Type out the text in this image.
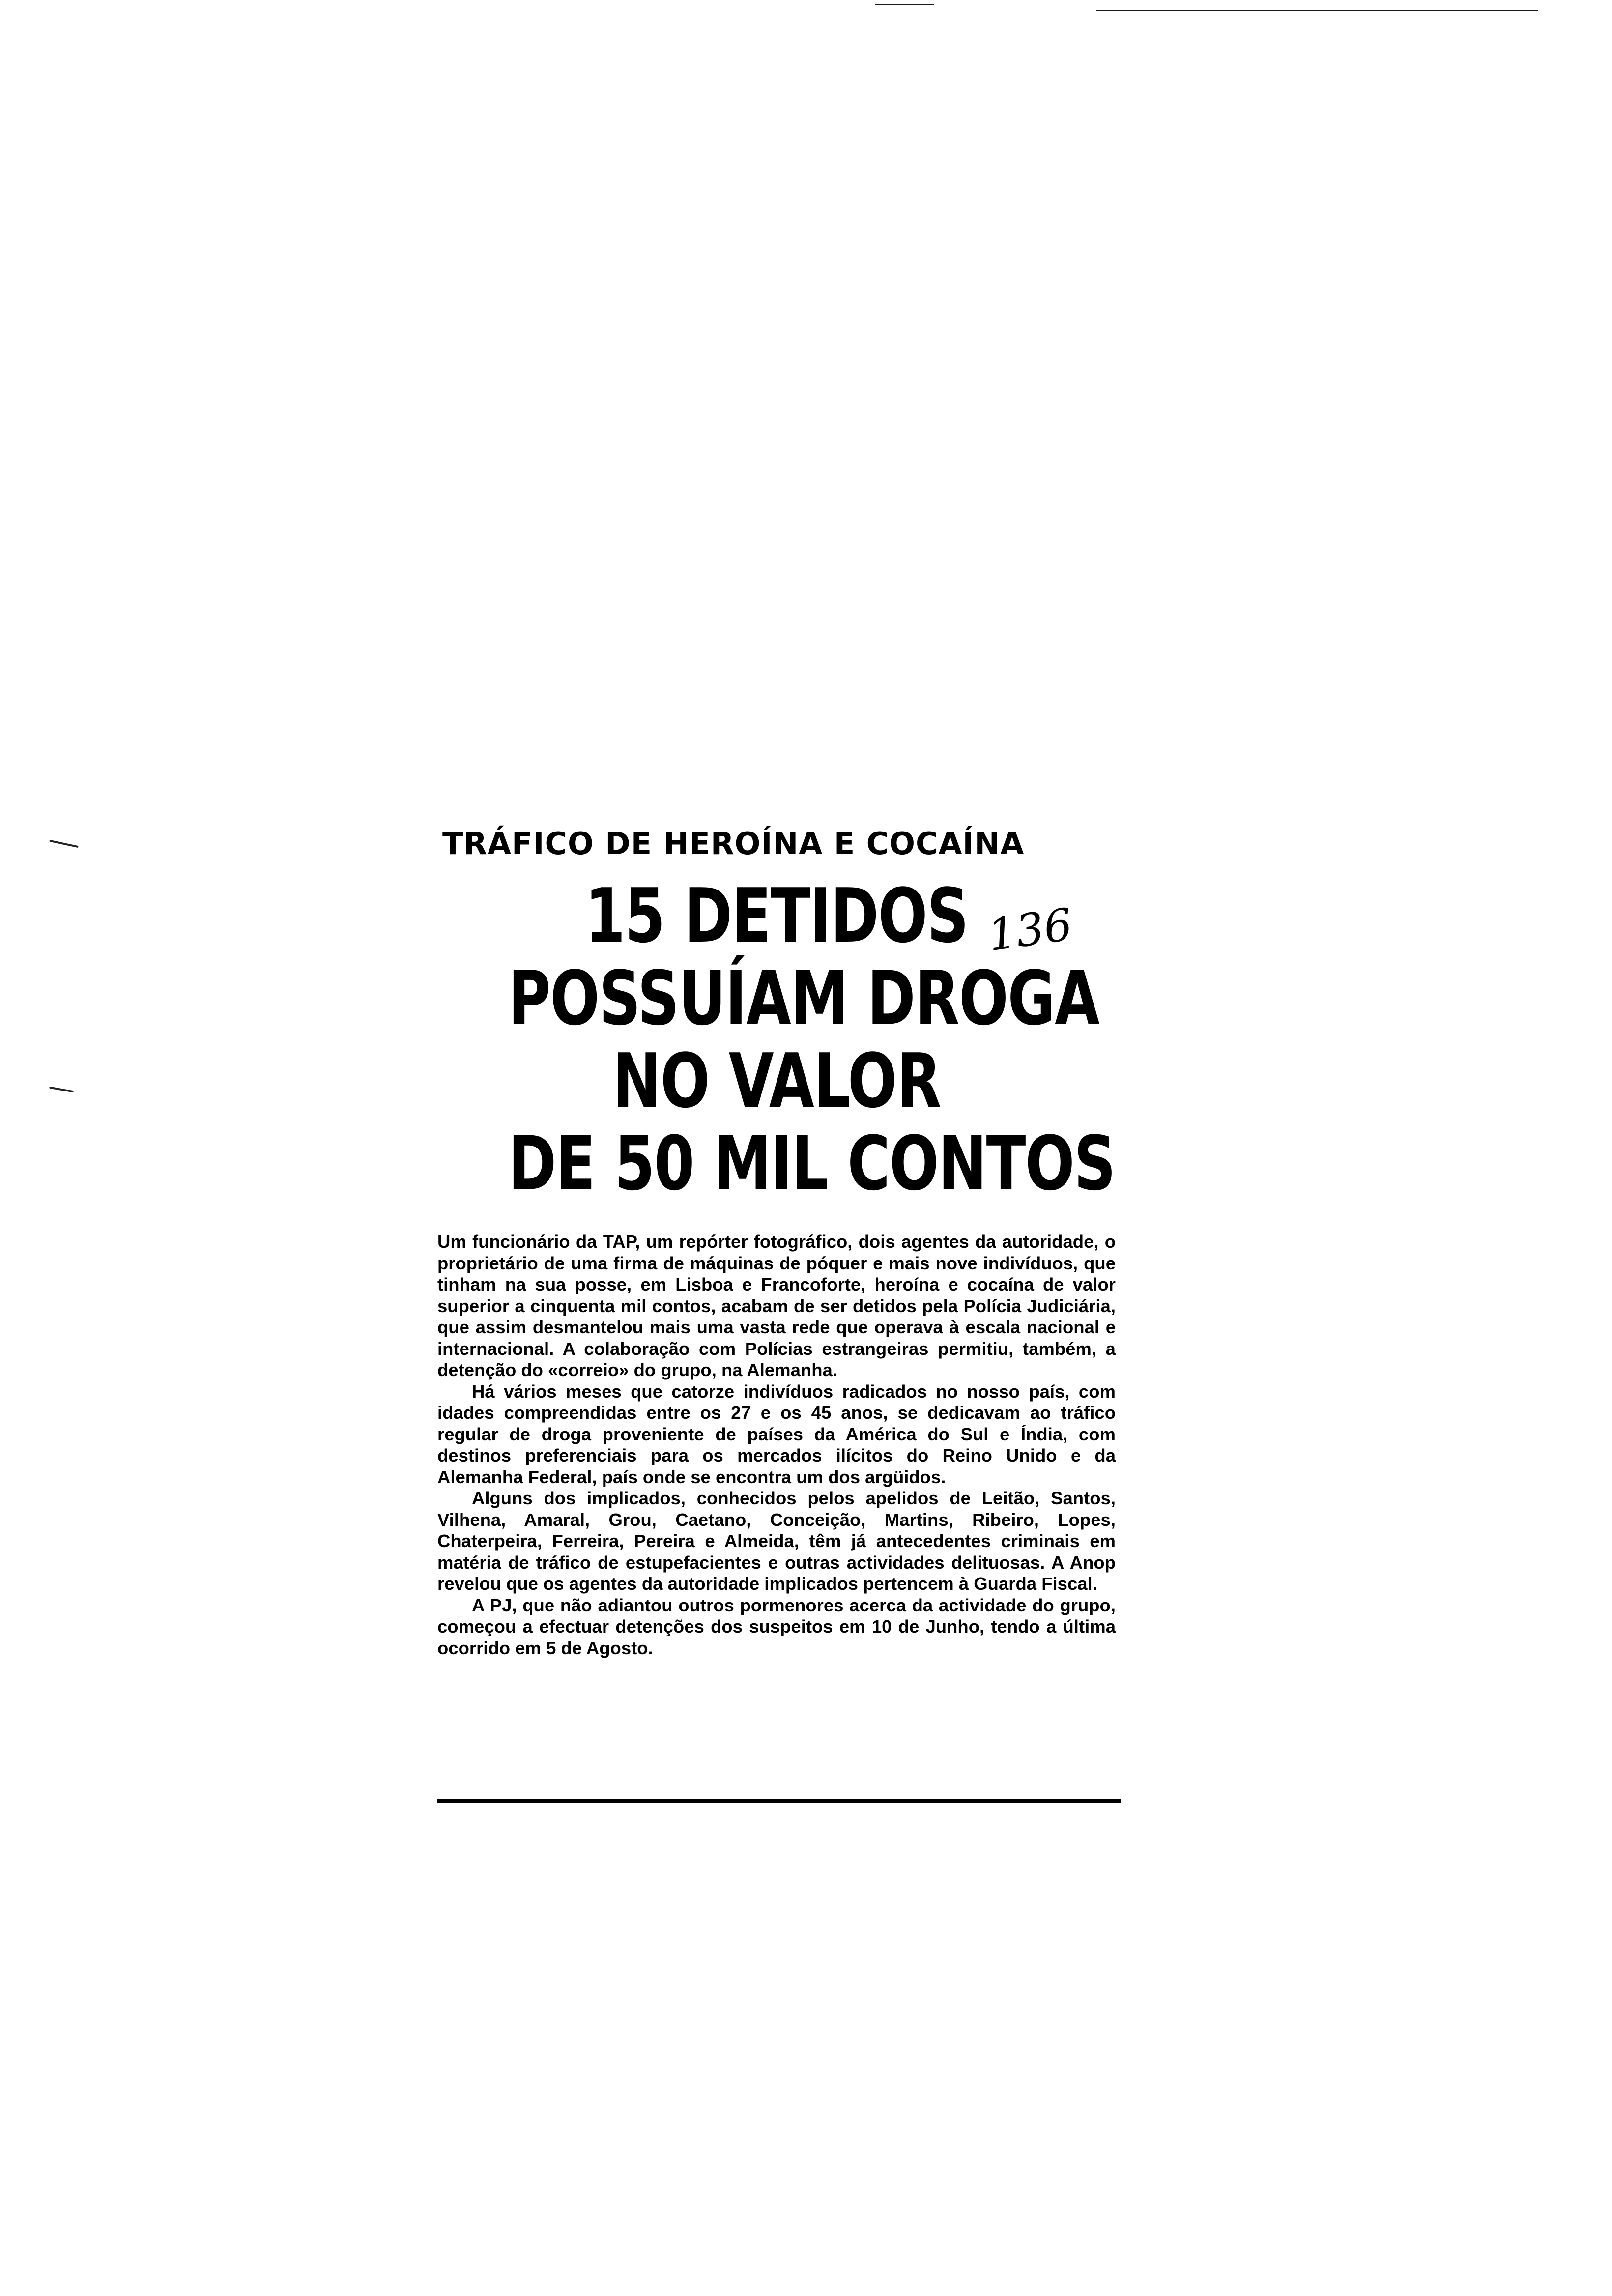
TRÁFICO DE HEROÍNA E COCAÍNA
15 DETIDOS
POSSUÍAM DROGA
NO VALOR
DE 50 MIL CONTOS
136

Um funcionário da TAP, um repórter fotográfico, dois agentes da autoridade, o proprietário de uma firma de máquinas de póquer e mais nove indivíduos, que tinham na sua posse, em Lisboa e Francoforte, heroína e cocaína de valor superior a cinquenta mil contos, acabam de ser detidos pela Polícia Judiciária, que assim desmantelou mais uma vasta rede que operava à escala nacional e internacional. A colaboração com Polícias estrangeiras permitiu, também, a detenção do «correio» do grupo, na Alemanha.

Há vários meses que catorze indivíduos radicados no nosso país, com idades compreendidas entre os 27 e os 45 anos, se dedicavam ao tráfico regular de droga proveniente de países da América do Sul e Índia, com destinos preferenciais para os mercados ilícitos do Reino Unido e da Alemanha Federal, país onde se encontra um dos argüidos.

Alguns dos implicados, conhecidos pelos apelidos de Leitão, Santos, Vilhena, Amaral, Grou, Caetano, Conceição, Martins, Ribeiro, Lopes, Chaterpeira, Ferreira, Pereira e Almeida, têm já antecedentes criminais em matéria de tráfico de estupefacientes e outras actividades delituosas. A Anop revelou que os agentes da autoridade implicados pertencem à Guarda Fiscal.

A PJ, que não adiantou outros pormenores acerca da actividade do grupo, começou a efectuar detenções dos suspeitos em 10 de Junho, tendo a última ocorrido em 5 de Agosto.
